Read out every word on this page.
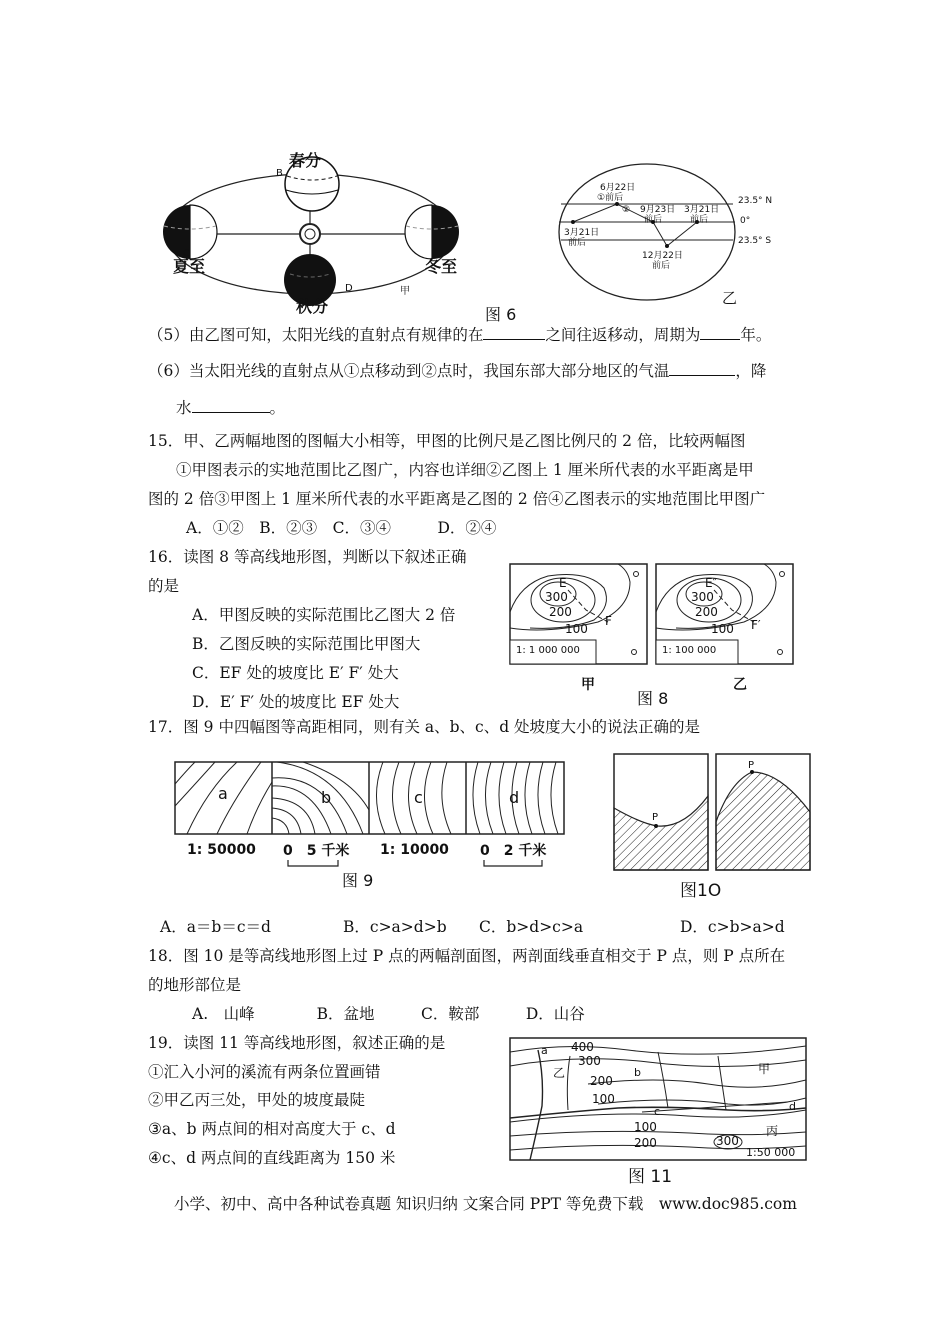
春分
夏至
秋分
冬至
B
C
D	甲
图 6
6月22日
①前后
② 9月23日
前后
3月21日
前后
3月21日
前后
12月22日
前后
23.5° N
0°
23.5° S
乙
（5）由乙图可知，太阳光线的直射点有规律的在	之间往返移动，周期为	年。
（6）当太阳光线的直射点从①点移动到②点时，我国东部大部分地区的气温	，降
水	。
15．甲、乙两幅地图的图幅大小相等，甲图的比例尺是乙图比例尺的 2 倍，比较两幅图
①甲图表示的实地范围比乙图广，内容也详细②乙图上 1 厘米所代表的水平距离是甲
图的 2 倍③甲图上 1 厘米所代表的水平距离是乙图的 2 倍④乙图表示的实地范围比甲图广
A．①②　B．②③　C．③④　　　D．②④
16．读图 8 等高线地形图，判断以下叙述正确
的是
A．甲图反映的实际范围比乙图大 2 倍
B．乙图反映的实际范围比甲图大
C．EF 处的坡度比 E′ F′ 处大
D．E′ F′ 处的坡度比 EF 处大
300
200
100
E
F
1: 1 000 000
300
200
100
E″
F′
1: 100 000
甲
图 8
乙
17．图 9 中四幅图等高距相同，则有关 a、b、c、d 处坡度大小的说法正确的是
a	b	c	d
1: 50000 0　5 千米 1: 10000 0　2 千米
图 9
P
P
图1O
A．a＝b＝c＝d	B．c>a>d>b C．b>d>c>a	D．c>b>a>d
18．图 10 是等高线地形图上过 P 点的两幅剖面图，两剖面线垂直相交于 P 点，则 P 点所在
的地形部位是
A.　山峰　　　　B．盆地　　　C．鞍部　　　D．山谷
19．读图 11 等高线地形图，叙述正确的是
①汇入小河的溪流有两条位置画错
②甲乙丙三处，甲处的坡度最陡
③a、b 两点间的相对高度大于 c、d
④c、d 两点间的直线距离为 150 米
a 400
300
乙
200
b
100
甲
c	d
100	丙
200	300
1:50 000
图 11
小学、初中、高中各种试卷真题 知识归纳 文案合同 PPT 等免费下载　www.doc985.com
